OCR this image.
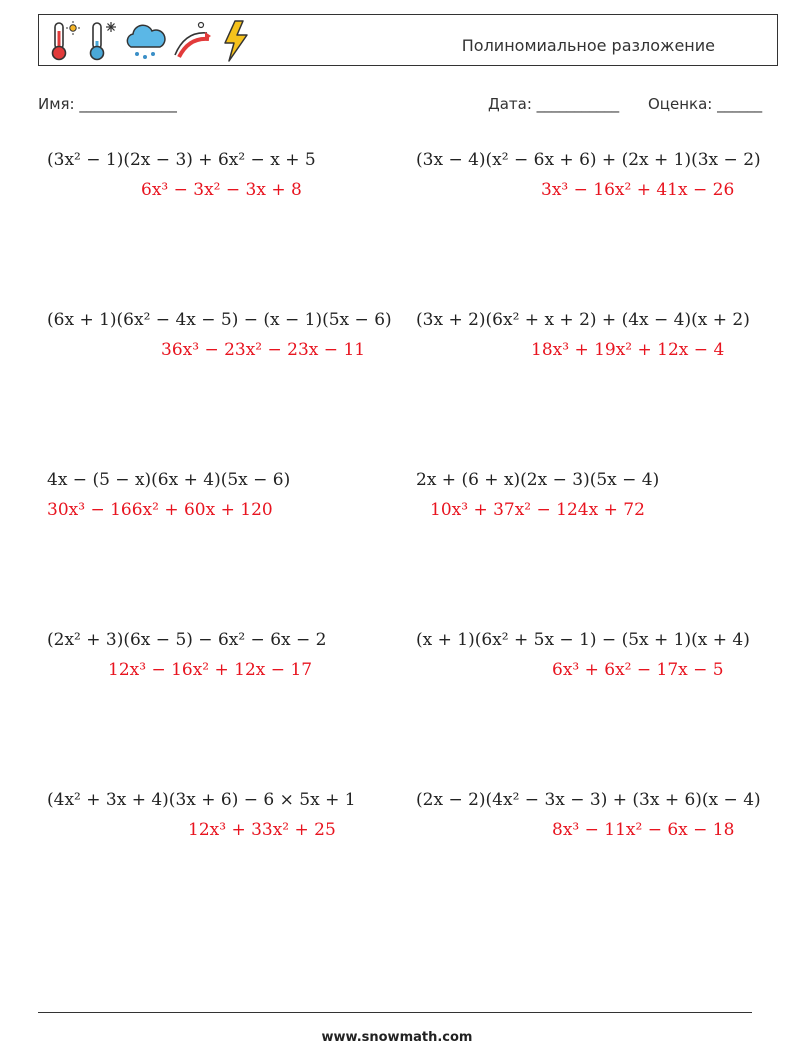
Полиномиальное разложение
Имя: _____________	Дата: ___________ Оценка: ______
(3x² − 1)(2x − 3) + 6x² − x + 5
6x³ − 3x² − 3x + 8
(3x − 4)(x² − 6x + 6) + (2x + 1)(3x − 2)
3x³ − 16x² + 41x − 26
(6x + 1)(6x² − 4x − 5) − (x − 1)(5x − 6)
36x³ − 23x² − 23x − 11
(3x + 2)(6x² + x + 2) + (4x − 4)(x + 2)
18x³ + 19x² + 12x − 4
4x − (5 − x)(6x + 4)(5x − 6)
30x³ − 166x² + 60x + 120
2x + (6 + x)(2x − 3)(5x − 4)
10x³ + 37x² − 124x + 72
(2x² + 3)(6x − 5) − 6x² − 6x − 2
12x³ − 16x² + 12x − 17
(x + 1)(6x² + 5x − 1) − (5x + 1)(x + 4)
6x³ + 6x² − 17x − 5
(4x² + 3x + 4)(3x + 6) − 6 × 5x + 1
12x³ + 33x² + 25
(2x − 2)(4x² − 3x − 3) + (3x + 6)(x − 4)
8x³ − 11x² − 6x − 18
www.snowmath.com
